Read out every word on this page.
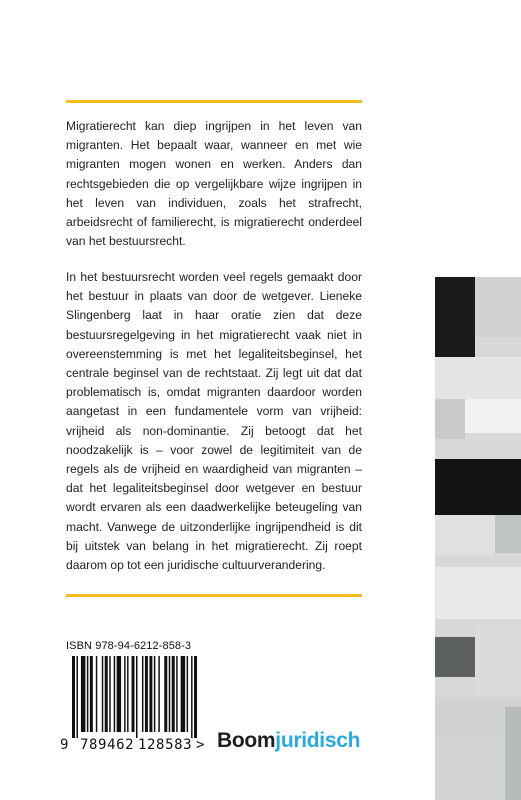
Migratierecht kan diep ingrijpen in het leven van migranten. Het bepaalt waar, wanneer en met wie migranten mogen wonen en werken. Anders dan rechtsgebieden die op vergelijkbare wijze ingrijpen in het leven van individuen, zoals het strafrecht, arbeidsrecht of familierecht, is migratierecht onderdeel van het bestuursrecht.
In het bestuursrecht worden veel regels gemaakt door het bestuur in plaats van door de wetgever. Lieneke Slingenberg laat in haar oratie zien dat deze bestuursregelgeving in het migratierecht vaak niet in overeenstemming is met het legaliteitsbeginsel, het centrale beginsel van de rechtstaat. Zij legt uit dat dat problematisch is, omdat migranten daardoor worden aangetast in een fundamentele vorm van vrijheid: vrijheid als non-dominantie. Zij betoogt dat het noodzakelijk is – voor zowel de legitimiteit van de regels als de vrijheid en waardigheid van migranten – dat het legaliteitsbeginsel door wetgever en bestuur wordt ervaren als een daadwerkelijke beteugeling van macht. Vanwege de uitzonderlijke ingrijpendheid is dit bij uitstek van belang in het migratierecht. Zij roept daarom op tot een juridische cultuurverandering.
ISBN 978-94-6212-858-3
9 789462 128583 > Boomjuridisch
